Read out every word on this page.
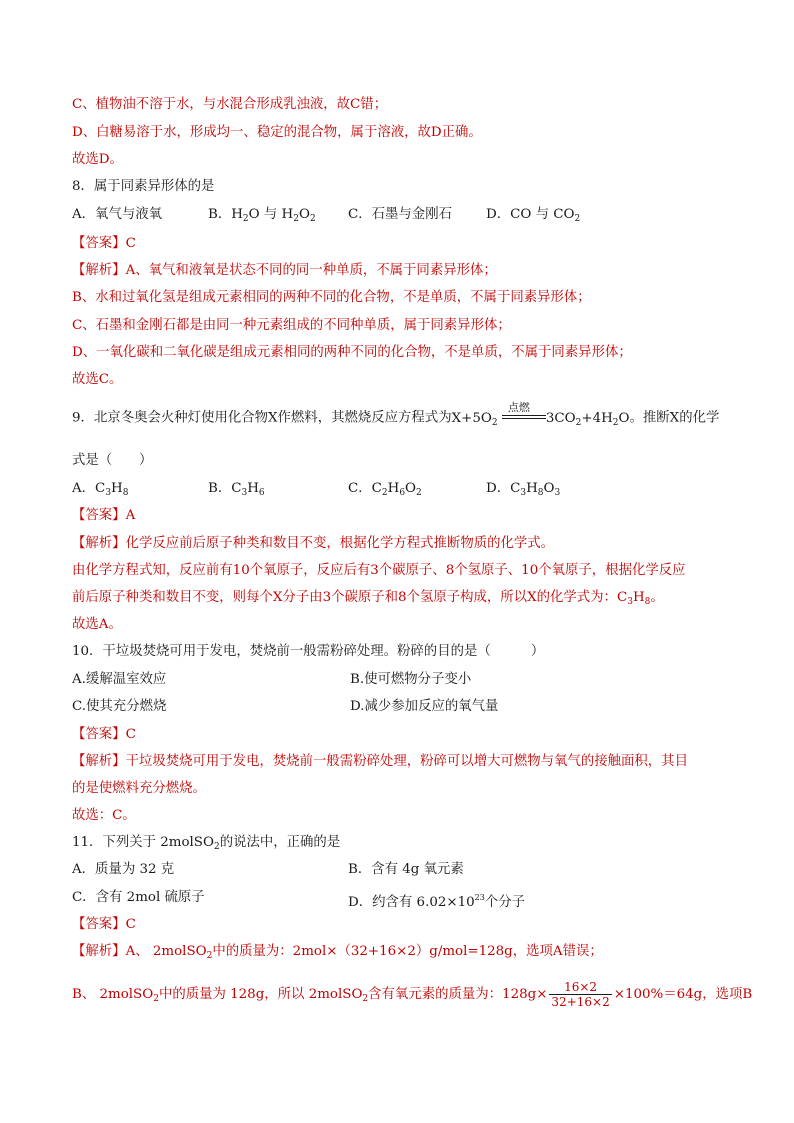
C、植物油不溶于水，与水混合形成乳浊液，故C错；
D、白糖易溶于水，形成均一、稳定的混合物，属于溶液，故D正确。
故选D。
8．属于同素异形体的是
A．氧气与液氧	B．$H_2O$ 与 $H_2O_2$ C．石墨与金刚石	D．CO 与 $CO_2$
【答案】C
【解析】A、氧气和液氧是状态不同的同一种单质，不属于同素异形体；
B、水和过氧化氢是组成元素相同的两种不同的化合物，不是单质，不属于同素异形体；
C、石墨和金刚石都是由同一种元素组成的不同种单质，属于同素异形体；
D、一氧化碳和二氧化碳是组成元素相同的两种不同的化合物，不是单质，不属于同素异形体；
故选C。
9．北京冬奥会火种灯使用化合物X作燃料，其燃烧反应方程式为$X+5O_2$
点燃
$3CO_2+4H_2O$。推断X的化学
式是（　　）
A．$C_3H_8$	B．$C_3H_6$	C．$C_2H_6O_2$	D．$C_3H_8O_3$
【答案】A
【解析】化学反应前后原子种类和数目不变，根据化学方程式推断物质的化学式。
由化学方程式知，反应前有10个氧原子，反应后有3个碳原子、8个氢原子、10个氧原子，根据化学反应
前后原子种类和数目不变，则每个X分子由3个碳原子和8个氢原子构成，所以X的化学式为：$C_3H_8$。
故选A。
10．干垃圾焚烧可用于发电，焚烧前一般需粉碎处理。粉碎的目的是（　　　）
A.缓解温室效应	B.使可燃物分子变小
C.使其充分燃烧	D.减少参加反应的氧气量
【答案】C
【解析】干垃圾焚烧可用于发电，焚烧前一般需粉碎处理，粉碎可以增大可燃物与氧气的接触面积，其目
的是使燃料充分燃烧。
故选：C。
11．下列关于 2molSO$_2$的说法中，正确的是
A．质量为 32 克	B．含有 4g 氧元素
C．含有 2mol 硫原子	D．约含有 $6.02\times 10^{23}$个分子
【答案】C
【解析】A、 2molSO$_2$中的质量为：2mol×（32+16×2）g/mol=128g，选项A错误；
B、 2molSO$_2$中的质量为 128g，所以 2molSO$_2$含有氧元素的质量为：$128g\times \frac{16\times 2}{32+16\times 2} \times 100\%=64g$，选项B
